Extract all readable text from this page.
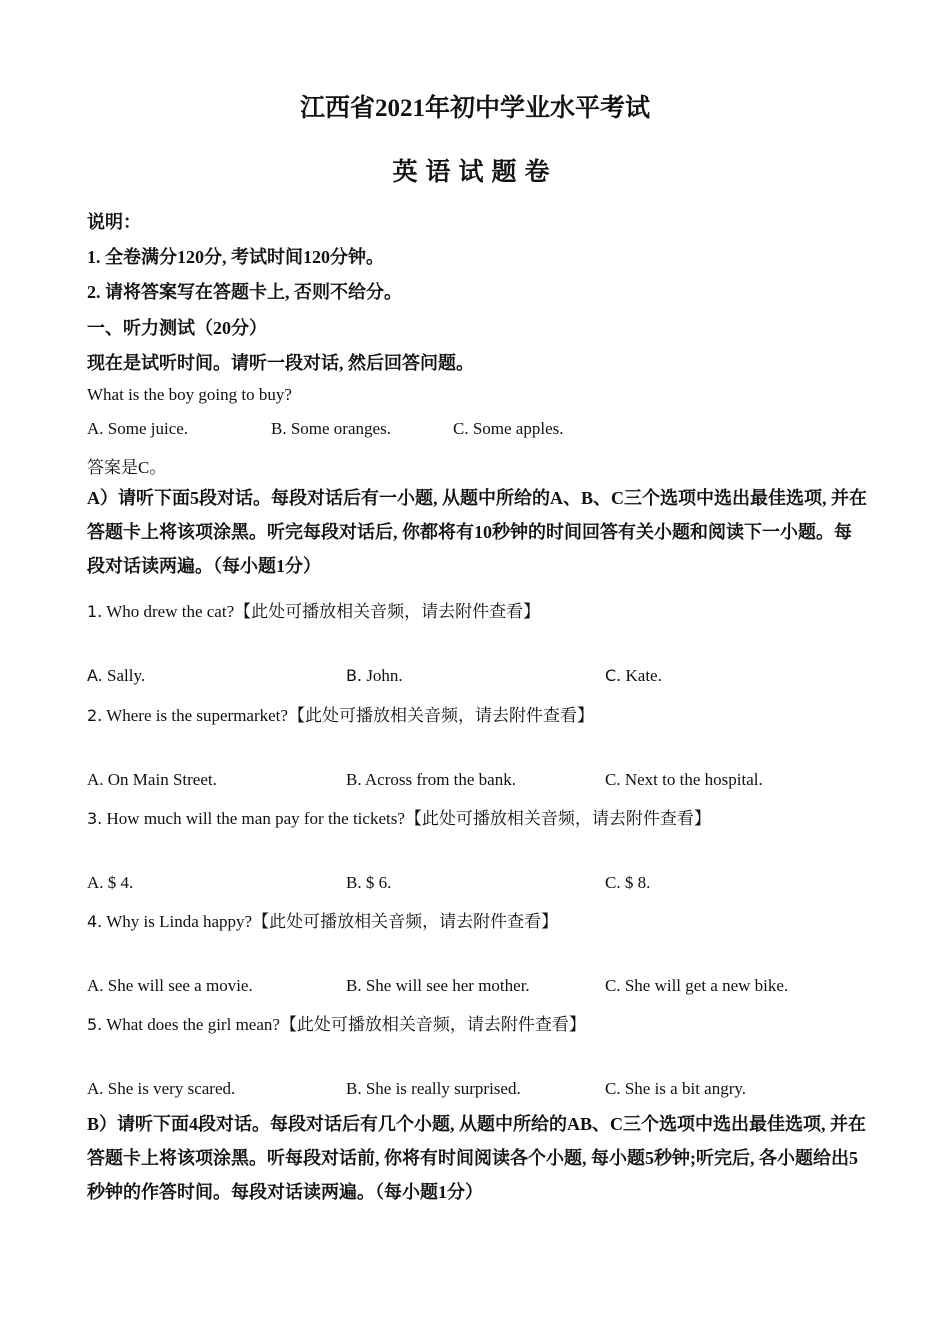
江西省2021年初中学业水平考试
英语试题卷
说明：
1. 全卷满分120分, 考试时间120分钟。
2. 请将答案写在答题卡上, 否则不给分。
一、听力测试（20分）
现在是试听时间。请听一段对话, 然后回答问题。
What is the boy going to buy?
A. Some juice.	B. Some oranges.	C. Some apples.
答案是C。
A）请听下面5段对话。每段对话后有一小题, 从题中所给的A、B、C三个选项中选出最佳选项, 并在答题卡上将该项涂黑。听完每段对话后, 你都将有10秒钟的时间回答有关小题和阅读下一小题。每段对话读两遍。（每小题1分）
1. Who drew the cat?【此处可播放相关音频，请去附件查看】
A. Sally.	B. John.	C. Kate.
2. Where is the supermarket?【此处可播放相关音频，请去附件查看】
A. On Main Street.	B. Across from the bank.	C. Next to the hospital.
3. How much will the man pay for the tickets?【此处可播放相关音频，请去附件查看】
A. $ 4.	B. $ 6.	C. $ 8.
4. Why is Linda happy?【此处可播放相关音频，请去附件查看】
A. She will see a movie.	B. She will see her mother.	C. She will get a new bike.
5. What does the girl mean?【此处可播放相关音频，请去附件查看】
A. She is very scared.	B. She is really surprised.	C. She is a bit angry.
B）请听下面4段对话。每段对话后有几个小题, 从题中所给的AB、C三个选项中选出最佳选项, 并在答题卡上将该项涂黑。听每段对话前, 你将有时间阅读各个小题, 每小题5秒钟;听完后, 各小题给出5秒钟的作答时间。每段对话读两遍。（每小题1分）
